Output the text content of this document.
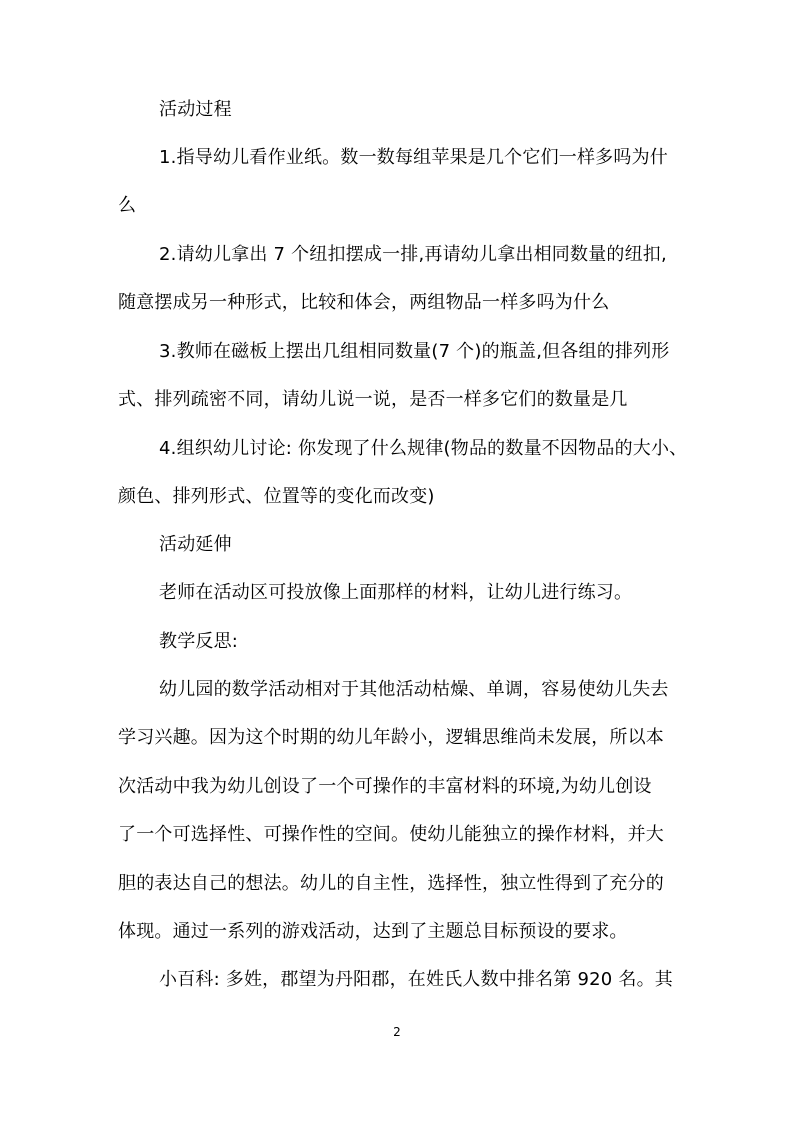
活动过程
1.指导幼儿看作业纸。数一数每组苹果是几个它们一样多吗为什
么
2.请幼儿拿出 7 个纽扣摆成一排,再请幼儿拿出相同数量的纽扣,
随意摆成另一种形式，比较和体会，两组物品一样多吗为什么
3.教师在磁板上摆出几组相同数量(7 个)的瓶盖,但各组的排列形
式、排列疏密不同，请幼儿说一说，是否一样多它们的数量是几
4.组织幼儿讨论: 你发现了什么规律(物品的数量不因物品的大小、
颜色、排列形式、位置等的变化而改变)
活动延伸
老师在活动区可投放像上面那样的材料，让幼儿进行练习。
教学反思:
幼儿园的数学活动相对于其他活动枯燥、单调，容易使幼儿失去
学习兴趣。因为这个时期的幼儿年龄小，逻辑思维尚未发展，所以本
次活动中我为幼儿创设了一个可操作的丰富材料的环境,为幼儿创设
了一个可选择性、可操作性的空间。使幼儿能独立的操作材料，并大
胆的表达自己的想法。幼儿的自主性，选择性，独立性得到了充分的
体现。通过一系列的游戏活动，达到了主题总目标预设的要求。
小百科: 多姓，郡望为丹阳郡，在姓氏人数中排名第 920 名。其
2
